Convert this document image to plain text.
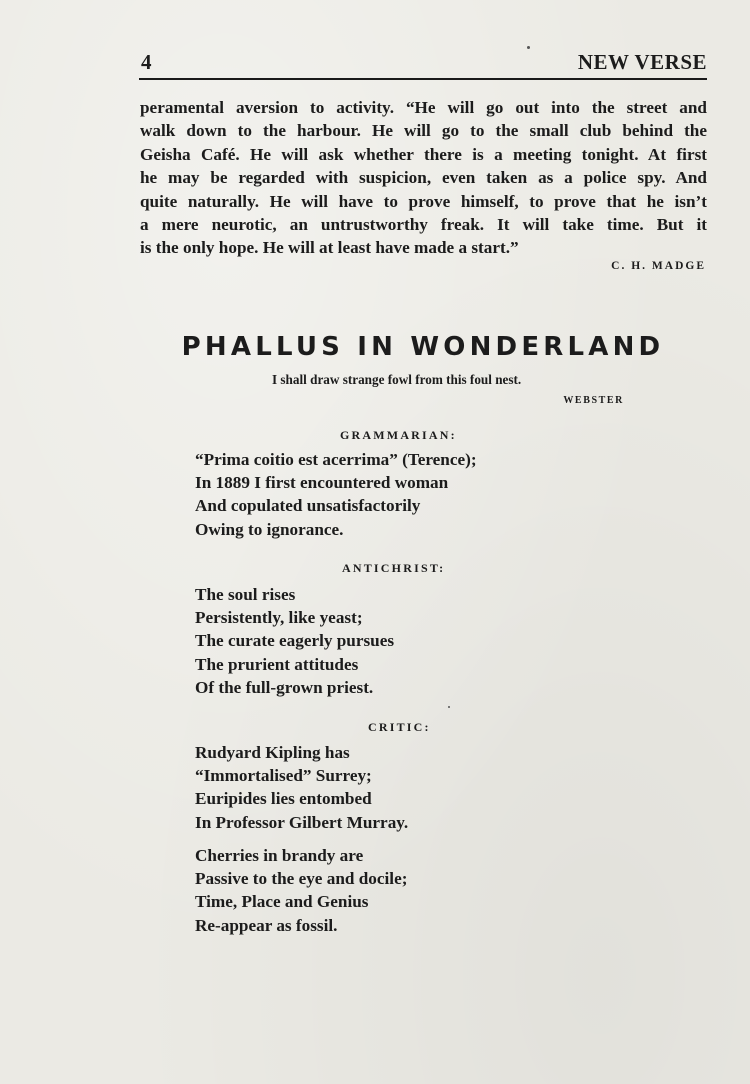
4	NEW VERSE
peramental aversion to activity. “He will go out into the street and
walk down to the harbour. He will go to the small club behind the
Geisha Café. He will ask whether there is a meeting tonight. At first
he may be regarded with suspicion, even taken as a police spy. And
quite naturally. He will have to prove himself, to prove that he isn’t
a mere neurotic, an untrustworthy freak. It will take time. But it
is the only hope. He will at least have made a start.”
C. H. MADGE
PHALLUS IN WONDERLAND
I shall draw strange fowl from this foul nest.
WEBSTER
GRAMMARIAN:
“Prima coitio est acerrima” (Terence);
In 1889 I first encountered woman
And copulated unsatisfactorily
Owing to ignorance.
ANTICHRIST:
The soul rises
Persistently, like yeast;
The curate eagerly pursues
The prurient attitudes
Of the full-grown priest.
CRITIC:
Rudyard Kipling has
“Immortalised” Surrey;
Euripides lies entombed
In Professor Gilbert Murray.
Cherries in brandy are
Passive to the eye and docile;
Time, Place and Genius
Re-appear as fossil.
